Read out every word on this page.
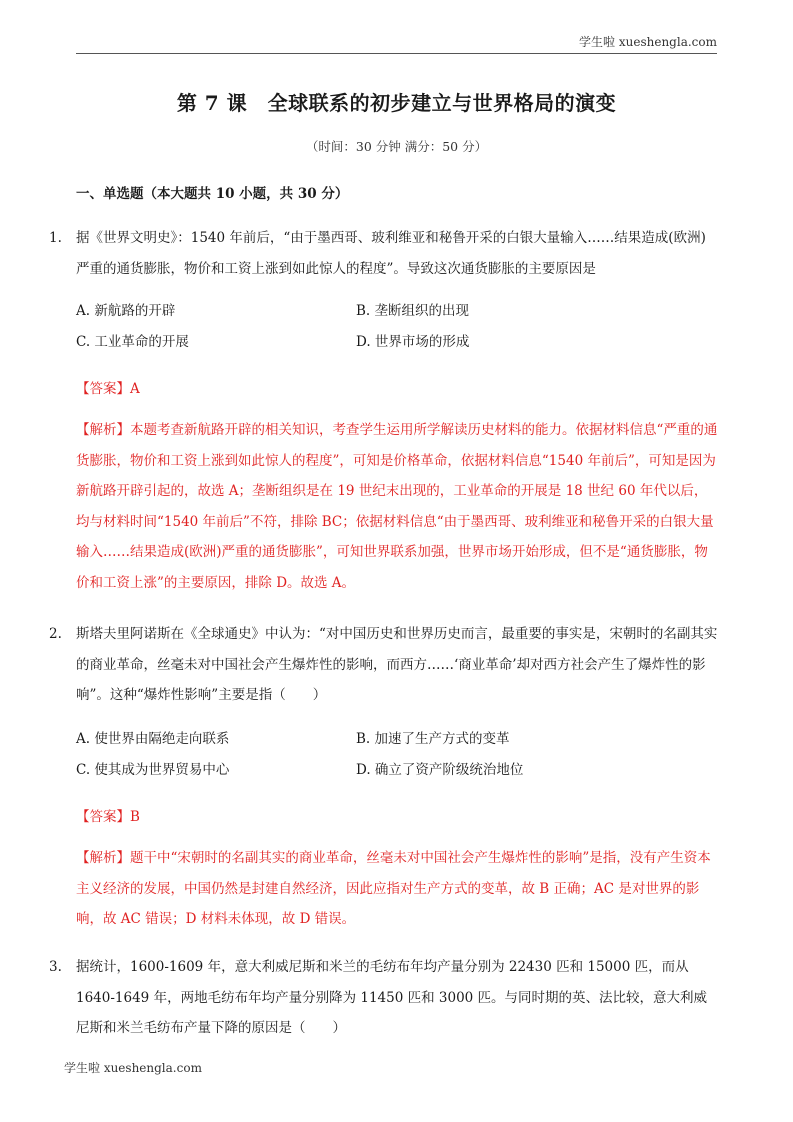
学生啦 xueshengla.com
第 7 课　全球联系的初步建立与世界格局的演变
（时间：30 分钟 满分：50 分）
一、单选题（本大题共 10 小题，共 30 分）
1. 据《世界文明史》：1540 年前后，“由于墨西哥、玻利维亚和秘鲁开采的白银大量输入……结果造成(欧洲)严重的通货膨胀，物价和工资上涨到如此惊人的程度”。导致这次通货膨胀的主要原因是
A. 新航路的开辟	B. 垄断组织的出现
C. 工业革命的开展	D. 世界市场的形成
【答案】A
【解析】本题考查新航路开辟的相关知识，考查学生运用所学解读历史材料的能力。依据材料信息“严重的通货膨胀，物价和工资上涨到如此惊人的程度”，可知是价格革命，依据材料信息“1540 年前后”，可知是因为新航路开辟引起的，故选 A；垄断组织是在 19 世纪末出现的，工业革命的开展是 18 世纪 60 年代以后，均与材料时间“1540 年前后”不符，排除 BC；依据材料信息“由于墨西哥、玻利维亚和秘鲁开采的白银大量输入……结果造成(欧洲)严重的通货膨胀”，可知世界联系加强，世界市场开始形成，但不是“通货膨胀，物价和工资上涨”的主要原因，排除 D。故选 A。
2. 斯塔夫里阿诺斯在《全球通史》中认为：“对中国历史和世界历史而言，最重要的事实是，宋朝时的名副其实的商业革命，丝毫未对中国社会产生爆炸性的影响，而西方……‘商业革命’却对西方社会产生了爆炸性的影响”。这种“爆炸性影响”主要是指（　　）
A. 使世界由隔绝走向联系	B. 加速了生产方式的变革
C. 使其成为世界贸易中心	D. 确立了资产阶级统治地位
【答案】B
【解析】题干中“宋朝时的名副其实的商业革命，丝毫未对中国社会产生爆炸性的影响”是指，没有产生资本主义经济的发展，中国仍然是封建自然经济，因此应指对生产方式的变革，故 B 正确；AC 是对世界的影响，故 AC 错误；D 材料未体现，故 D 错误。
3. 据统计，1600-1609 年，意大利威尼斯和米兰的毛纺布年均产量分别为 22430 匹和 15000 匹，而从 1640-1649 年，两地毛纺布年均产量分别降为 11450 匹和 3000 匹。与同时期的英、法比较，意大利威尼斯和米兰毛纺布产量下降的原因是（　　）
学生啦 xueshengla.com
